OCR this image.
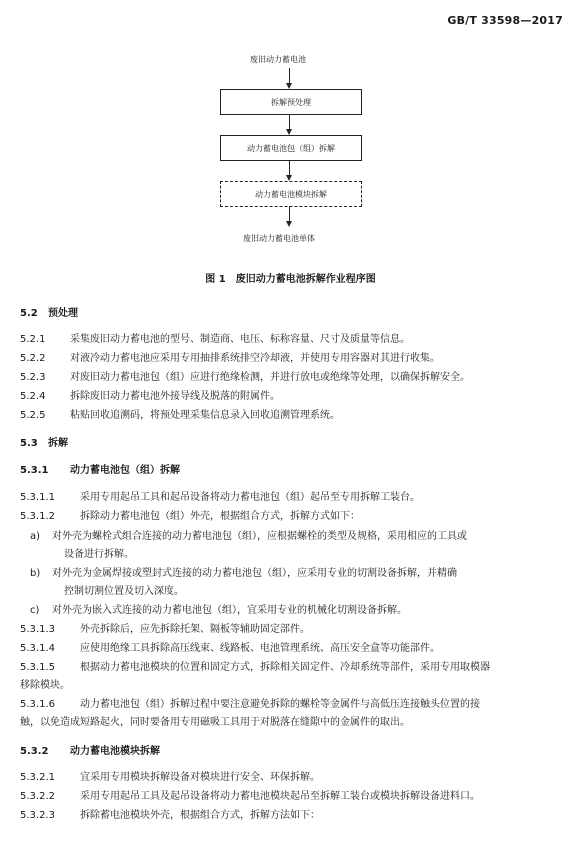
GB/T 33598—2017
废旧动力蓄电池
拆解预处理
动力蓄电池包（组）拆解
动力蓄电池模块拆解
废旧动力蓄电池单体
图 1　废旧动力蓄电池拆解作业程序图
5.2 预处理
5.2.1 采集废旧动力蓄电池的型号、制造商、电压、标称容量、尺寸及质量等信息。
5.2.2 对液冷动力蓄电池应采用专用抽排系统排空冷却液，并使用专用容器对其进行收集。
5.2.3 对废旧动力蓄电池包（组）应进行绝缘检测，并进行放电或绝缘等处理，以确保拆解安全。
5.2.4 拆除废旧动力蓄电池外接导线及脱落的附属件。
5.2.5 粘贴回收追溯码，将预处理采集信息录入回收追溯管理系统。
5.3 拆解
5.3.1 动力蓄电池包（组）拆解
5.3.1.1	采用专用起吊工具和起吊设备将动力蓄电池包（组）起吊至专用拆解工装台。
5.3.1.2	拆除动力蓄电池包（组）外壳，根据组合方式，拆解方式如下：
a) 对外壳为螺栓式组合连接的动力蓄电池包（组），应根据螺栓的类型及规格，采用相应的工具或
设备进行拆解。
b) 对外壳为金属焊接或塑封式连接的动力蓄电池包（组），应采用专业的切割设备拆解，并精确
控制切割位置及切入深度。
c) 对外壳为嵌入式连接的动力蓄电池包（组），宜采用专业的机械化切割设备拆解。
5.3.1.3	外壳拆除后，应先拆除托架、隔板等辅助固定部件。
5.3.1.4	应使用绝缘工具拆除高压线束、线路板、电池管理系统、高压安全盒等功能部件。
5.3.1.5	根据动力蓄电池模块的位置和固定方式，拆除相关固定件、冷却系统等部件，采用专用取模器
移除模块。
5.3.1.6	动力蓄电池包（组）拆解过程中要注意避免拆除的螺栓等金属件与高低压连接触头位置的接
触，以免造成短路起火，同时要备用专用磁吸工具用于对脱落在缝隙中的金属件的取出。
5.3.2 动力蓄电池模块拆解
5.3.2.1	宜采用专用模块拆解设备对模块进行安全、环保拆解。
5.3.2.2	采用专用起吊工具及起吊设备将动力蓄电池模块起吊至拆解工装台或模块拆解设备进料口。
5.3.2.3	拆除蓄电池模块外壳，根据组合方式，拆解方法如下：
